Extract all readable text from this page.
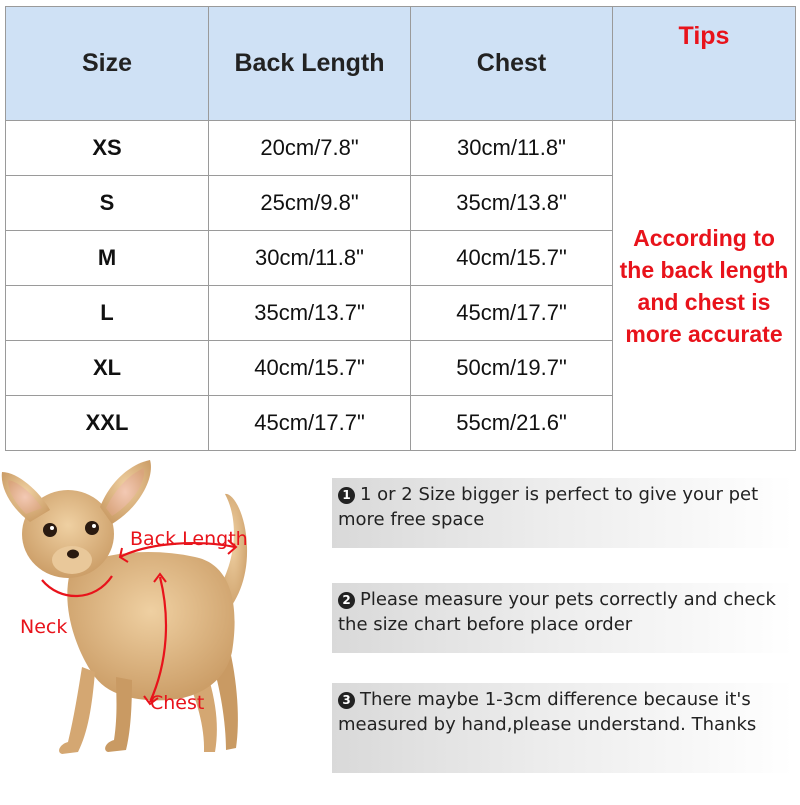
Size	Back Length	Chest	Tips
XS	20cm/7.8"	30cm/11.8"	According to the back length and chest is more accurate
S	25cm/9.8"	35cm/13.8"	
M	30cm/11.8"	40cm/15.7"	
L	35cm/13.7"	45cm/17.7"	
XL	40cm/15.7"	50cm/19.7"	
XXL	45cm/17.7"	55cm/21.6"	
Back Length
Neck
Chest
1 1 or 2 Size bigger is perfect to give your pet more free space
2 Please measure your pets correctly and check the size chart before place order
3 There maybe 1-3cm difference because it's measured by hand,please understand. Thanks
